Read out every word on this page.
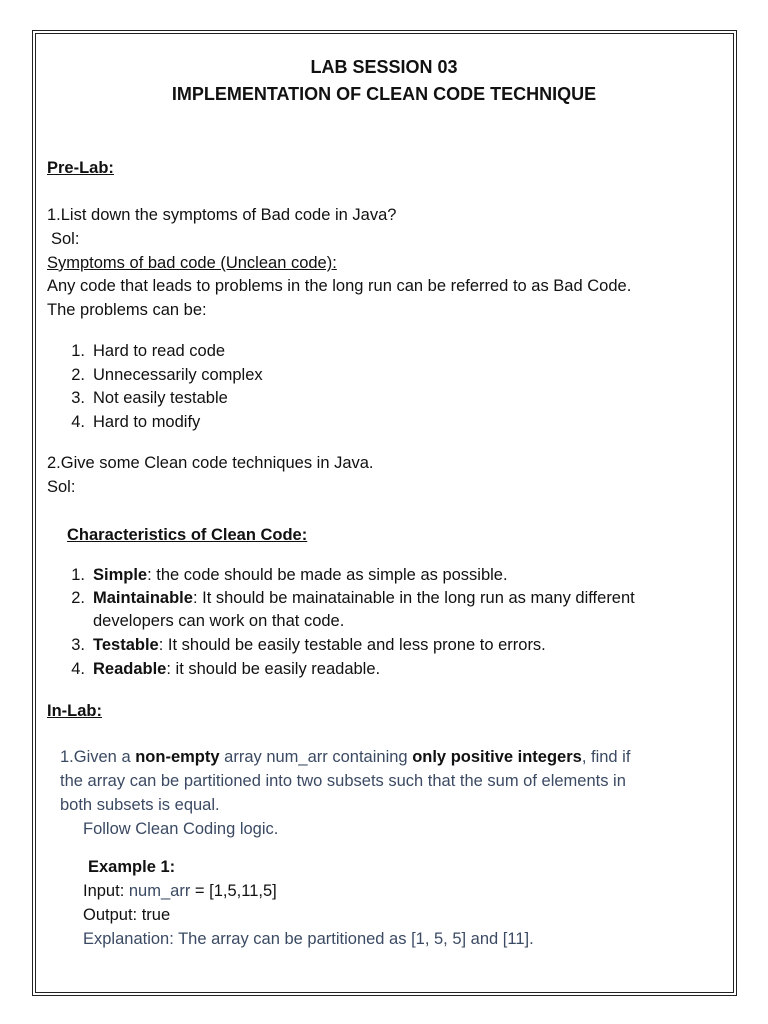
LAB SESSION 03
IMPLEMENTATION OF CLEAN CODE TECHNIQUE
Pre-Lab:
1.List down the symptoms of Bad code in Java?
Sol:
Symptoms of bad code (Unclean code):
Any code that leads to problems in the long run can be referred to as Bad Code.
The problems can be:
1. Hard to read code
2. Unnecessarily complex
3. Not easily testable
4. Hard to modify
2.Give some Clean code techniques in Java.
Sol:
Characteristics of Clean Code:
1. Simple: the code should be made as simple as possible.
2. Maintainable: It should be mainatainable in the long run as many different
developers can work on that code.
3. Testable: It should be easily testable and less prone to errors.
4. Readable: it should be easily readable.
In-Lab:
1.Given a non-empty array num_arr containing only positive integers, find if
the array can be partitioned into two subsets such that the sum of elements in
both subsets is equal.
Follow Clean Coding logic.
Example 1:
Input: num_arr = [1,5,11,5]
Output: true
Explanation: The array can be partitioned as [1, 5, 5] and [11].
